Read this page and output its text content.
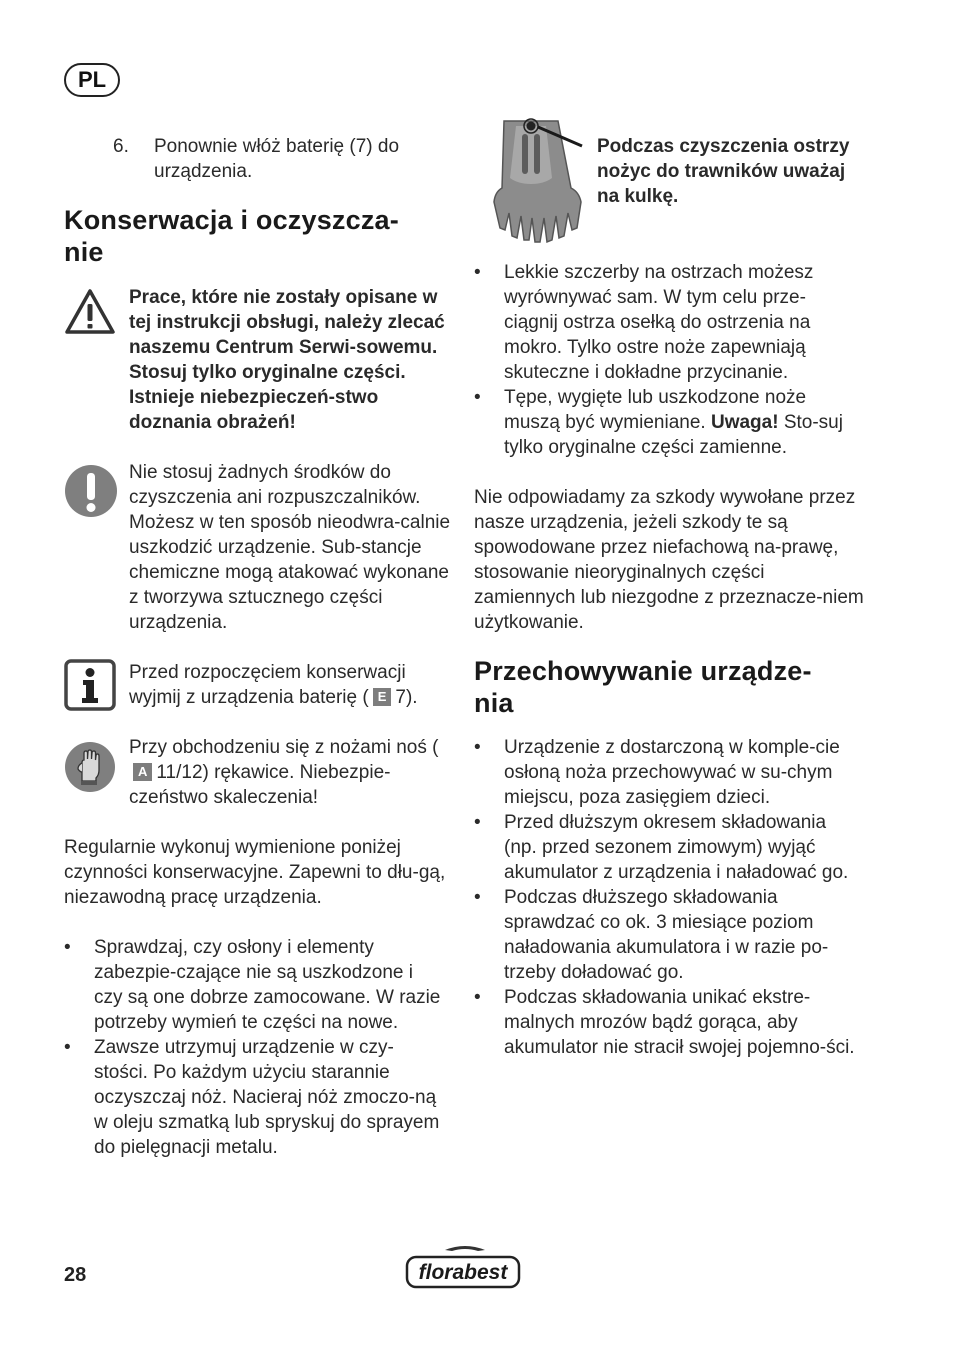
PL
6.	Ponownie włóż baterię (7) do urządzenia.
Konserwacja i oczyszcza-
nie
Prace, które nie zostały opisane w tej instrukcji obsługi, należy zlecać naszemu Centrum Serwi-sowemu. Stosuj tylko oryginalne części. Istnieje niebezpieczeń-stwo doznania obrażeń!
Nie stosuj żadnych środków do czyszczenia ani rozpuszczalników. Możesz w ten sposób nieodwra-calnie uszkodzić urządzenie. Sub-stancje chemiczne mogą atakować wykonane z tworzywa sztucznego części urządzenia.
Przed rozpoczęciem konserwacji wyjmij z urządzenia baterię ( E 7).
Przy obchodzeniu się z nożami noś (A 11/12) rękawice. Niebezpie-czeństwo skaleczenia!
Regularnie wykonuj wymienione poniżej czynności konserwacyjne. Zapewni to dłu-gą, niezawodną pracę urządzenia.
• Sprawdzaj, czy osłony i elementy zabezpie-czające nie są uszkodzone i czy są one dobrze zamocowane. W razie potrzeby wymień te części na nowe.
• Zawsze utrzymuj urządzenie w czy-stości. Po każdym użyciu starannie oczyszczaj nóż. Nacieraj nóż zmoczo-ną w oleju szmatką lub spryskuj do sprayem do pielęgnacji metalu.
Podczas czyszczenia ostrzy nożyc do trawników uważaj na kulkę.
• Lekkie szczerby na ostrzach możesz wyrównywać sam. W tym celu prze-ciągnij ostrza osełką do ostrzenia na mokro. Tylko ostre noże zapewniają skuteczne i dokładne przycinanie.
• Tępe, wygięte lub uszkodzone noże muszą być wymieniane. Uwaga! Sto-suj tylko oryginalne części zamienne.
Nie odpowiadamy za szkody wywołane przez nasze urządzenia, jeżeli szkody te są spowodowane przez niefachową na-prawę, stosowanie nieoryginalnych części zamiennych lub niezgodne z przeznacze-niem użytkowanie.
Przechowywanie urządze-
nia
• Urządzenie z dostarczoną w komple-cie osłoną noża przechowywać w su-chym miejscu, poza zasięgiem dzieci.
• Przed dłuższym okresem składowania (np. przed sezonem zimowym) wyjąć akumulator z urządzenia i naładować go.
• Podczas dłuższego składowania sprawdzać co ok. 3 miesiące poziom naładowania akumulatora i w razie po-trzeby doładować go.
• Podczas składowania unikać ekstre-malnych mrozów bądź gorąca, aby akumulator nie stracił swojej pojemno-ści.
28	florabest
